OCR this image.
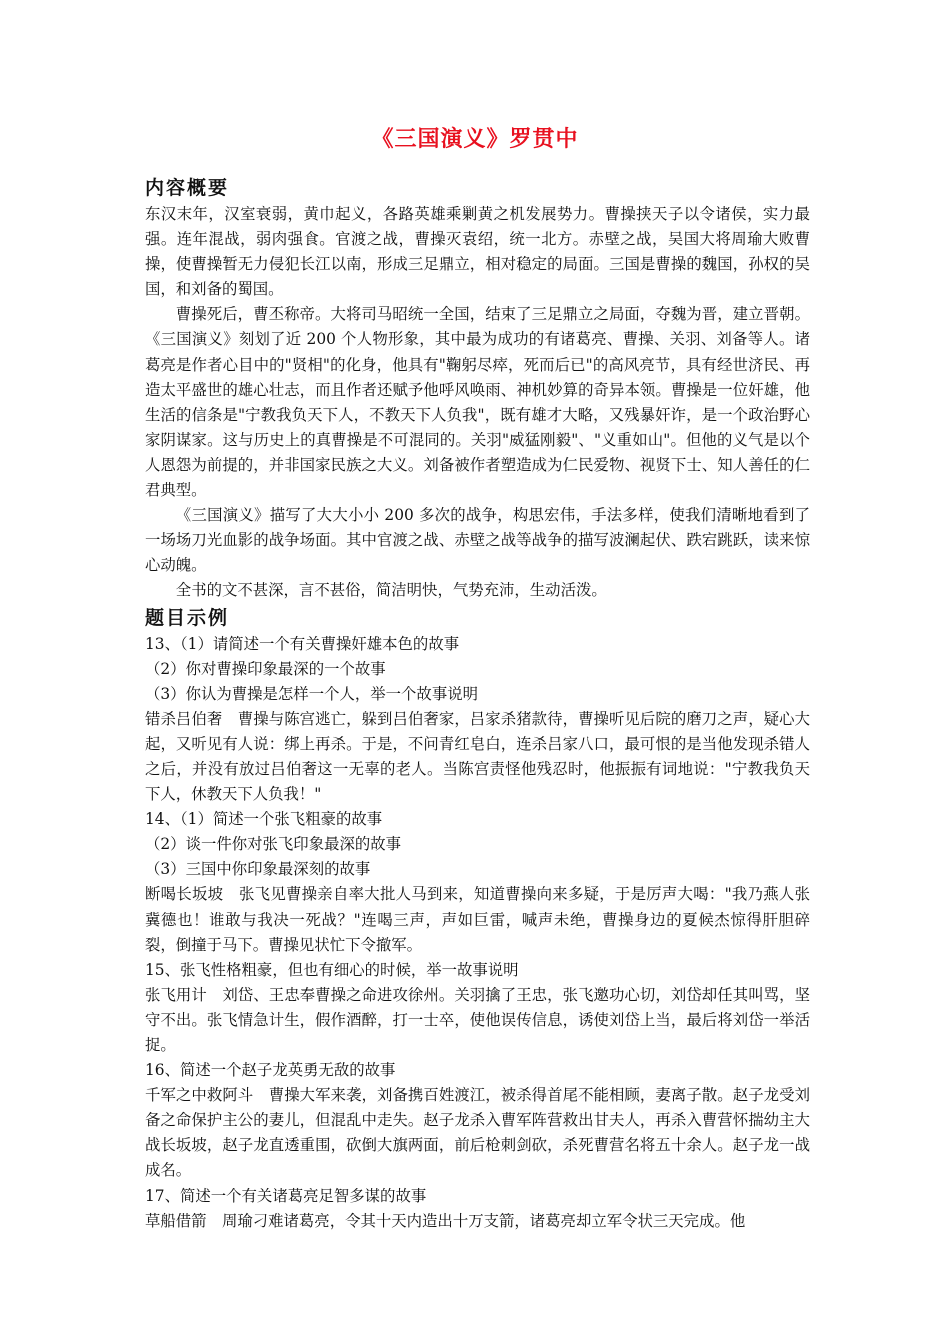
《三国演义》罗贯中
内容概要
东汉末年，汉室衰弱，黄巾起义，各路英雄乘剿黄之机发展势力。曹操挟天子以令诸侯，实力最强。连年混战，弱肉强食。官渡之战，曹操灭袁绍，统一北方。赤壁之战，吴国大将周瑜大败曹操，使曹操暂无力侵犯长江以南，形成三足鼎立，相对稳定的局面。三国是曹操的魏国，孙权的吴国，和刘备的蜀国。
曹操死后，曹丕称帝。大将司马昭统一全国，结束了三足鼎立之局面，夺魏为晋，建立晋朝。《三国演义》刻划了近 200 个人物形象，其中最为成功的有诸葛亮、曹操、关羽、刘备等人。诸葛亮是作者心目中的"贤相"的化身，他具有"鞠躬尽瘁，死而后已"的高风亮节，具有经世济民、再造太平盛世的雄心壮志，而且作者还赋予他呼风唤雨、神机妙算的奇异本领。曹操是一位奸雄，他生活的信条是"宁教我负天下人，不教天下人负我"，既有雄才大略，又残暴奸诈，是一个政治野心家阴谋家。这与历史上的真曹操是不可混同的。关羽"威猛刚毅"、"义重如山"。但他的义气是以个人恩怨为前提的，并非国家民族之大义。刘备被作者塑造成为仁民爱物、视贤下士、知人善任的仁君典型。
《三国演义》描写了大大小小 200 多次的战争，构思宏伟，手法多样，使我们清晰地看到了一场场刀光血影的战争场面。其中官渡之战、赤壁之战等战争的描写波澜起伏、跌宕跳跃，读来惊心动魄。
全书的文不甚深，言不甚俗，简洁明快，气势充沛，生动活泼。
题目示例
13、（1）请简述一个有关曹操奸雄本色的故事
（2）你对曹操印象最深的一个故事
（3）你认为曹操是怎样一个人，举一个故事说明
错杀吕伯奢　曹操与陈宫逃亡，躲到吕伯奢家，吕家杀猪款待，曹操听见后院的磨刀之声，疑心大起，又听见有人说：绑上再杀。于是，不问青红皂白，连杀吕家八口，最可恨的是当他发现杀错人之后，并没有放过吕伯奢这一无辜的老人。当陈宫责怪他残忍时，他振振有词地说："宁教我负天下人，休教天下人负我！"
14、（1）简述一个张飞粗豪的故事
（2）谈一件你对张飞印象最深的故事
（3）三国中你印象最深刻的故事
断喝长坂坡　张飞见曹操亲自率大批人马到来，知道曹操向来多疑，于是厉声大喝："我乃燕人张冀德也！谁敢与我决一死战？"连喝三声，声如巨雷，喊声未绝，曹操身边的夏候杰惊得肝胆碎裂，倒撞于马下。曹操见状忙下令撤军。
15、张飞性格粗豪，但也有细心的时候，举一故事说明
张飞用计　刘岱、王忠奉曹操之命进攻徐州。关羽擒了王忠，张飞邀功心切，刘岱却任其叫骂，坚守不出。张飞情急计生，假作酒醉，打一士卒，使他误传信息，诱使刘岱上当，最后将刘岱一举活捉。
16、简述一个赵子龙英勇无敌的故事
千军之中救阿斗　曹操大军来袭，刘备携百姓渡江，被杀得首尾不能相顾，妻离子散。赵子龙受刘备之命保护主公的妻儿，但混乱中走失。赵子龙杀入曹军阵营救出甘夫人，再杀入曹营怀揣幼主大战长坂坡，赵子龙直透重围，砍倒大旗两面，前后枪刺剑砍，杀死曹营名将五十余人。赵子龙一战成名。
17、简述一个有关诸葛亮足智多谋的故事
草船借箭　周瑜刁难诸葛亮，令其十天内造出十万支箭，诸葛亮却立军令状三天完成。他
